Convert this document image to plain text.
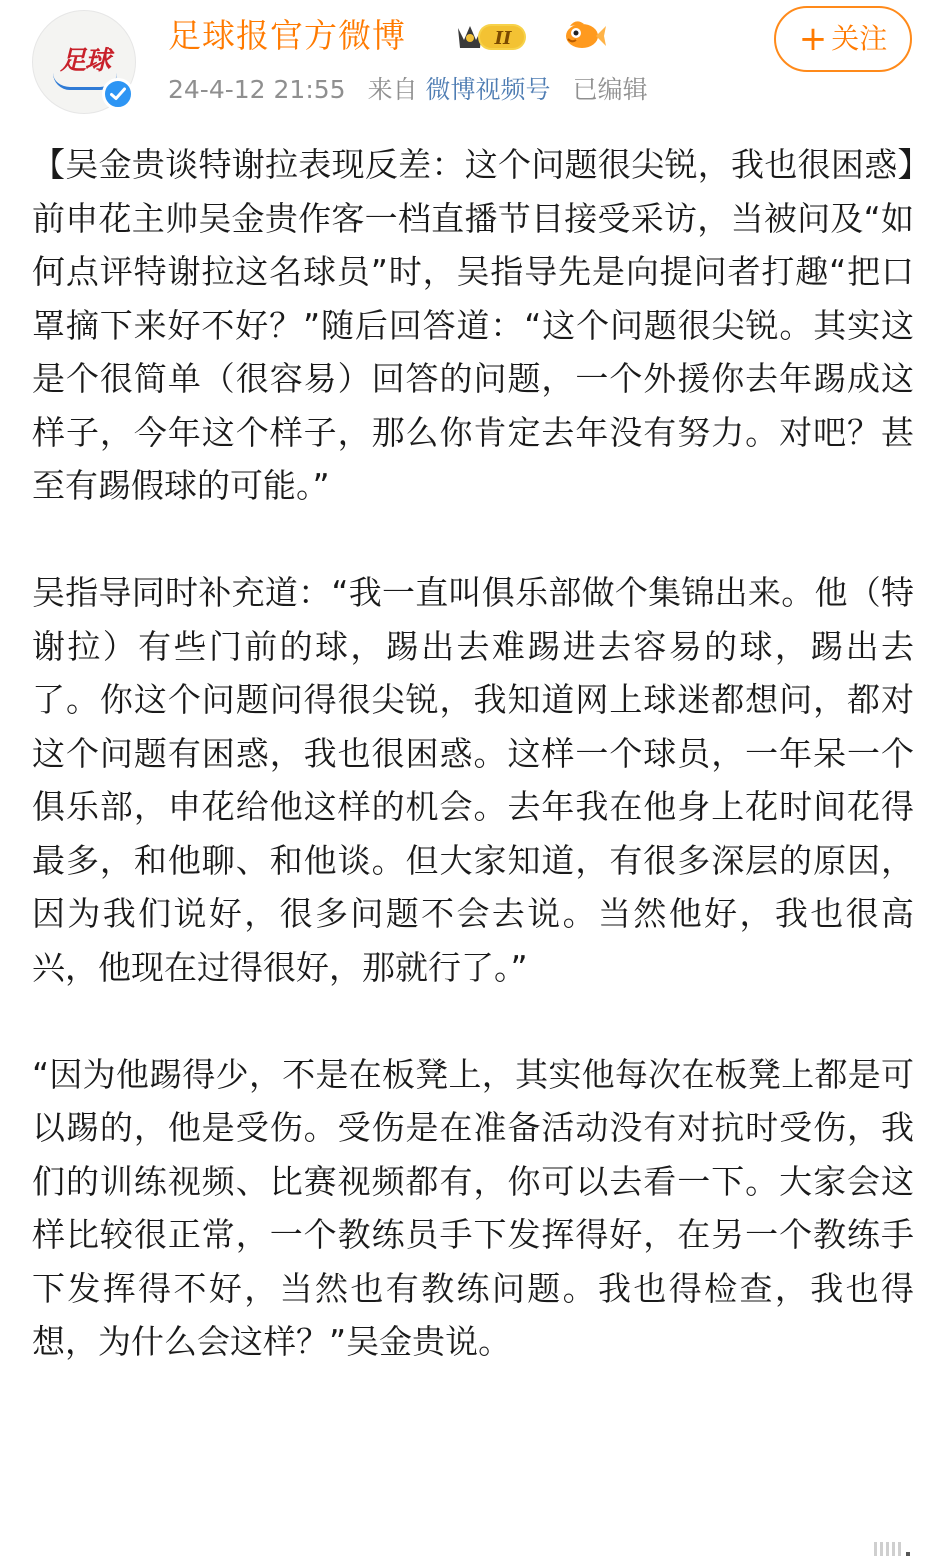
足球
足球报官方微博	II
24-4-12 21:55 来自 微博视频号 已编辑
+ 关注

【吴金贵谈特谢拉表现反差：这个问题很尖锐，我也很困惑】前申花主帅吴金贵作客一档直播节目接受采访，当被问及“如何点评特谢拉这名球员”时，吴指导先是向提问者打趣“把口罩摘下来好不好？”随后回答道：“这个问题很尖锐。其实这是个很简单（很容易）回答的问题，一个外援你去年踢成这样子，今年这个样子，那么你肯定去年没有努力。对吧？甚至有踢假球的可能。”

吴指导同时补充道：“我一直叫俱乐部做个集锦出来。他（特谢拉）有些门前的球，踢出去难踢进去容易的球，踢出去了。你这个问题问得很尖锐，我知道网上球迷都想问，都对这个问题有困惑，我也很困惑。这样一个球员，一年呆一个俱乐部，申花给他这样的机会。去年我在他身上花时间花得最多，和他聊、和他谈。但大家知道，有很多深层的原因，因为我们说好，很多问题不会去说。当然他好，我也很高兴，他现在过得很好，那就行了。”

“因为他踢得少，不是在板凳上，其实他每次在板凳上都是可以踢的，他是受伤。受伤是在准备活动没有对抗时受伤，我们的训练视频、比赛视频都有，你可以去看一下。大家会这样比较很正常，一个教练员手下发挥得好，在另一个教练手下发挥得不好，当然也有教练问题。我也得检查，我也得想，为什么会这样？”吴金贵说。
